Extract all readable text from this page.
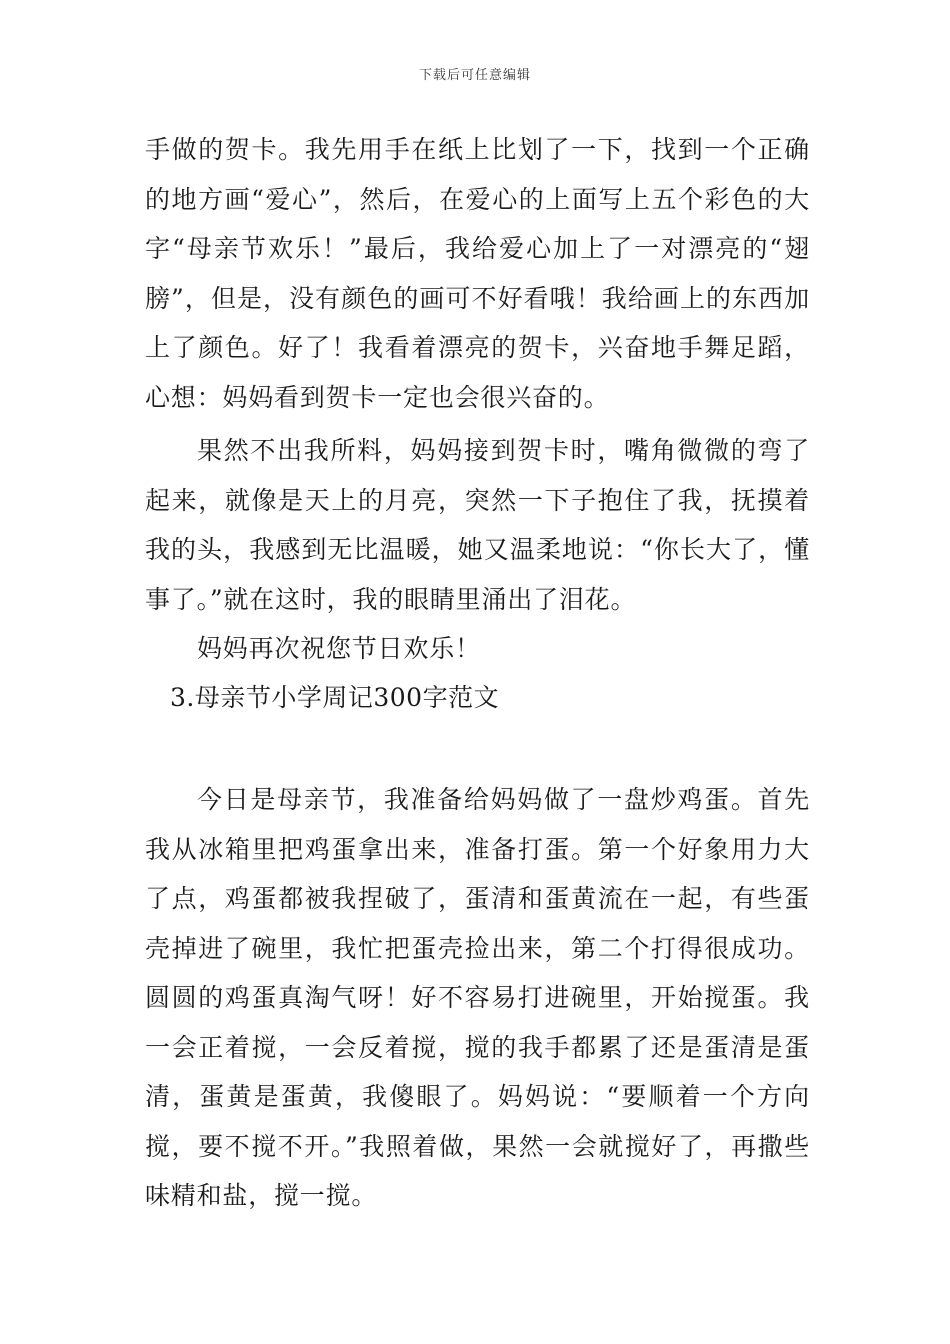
下载后可任意编辑

手做的贺卡。我先用手在纸上比划了一下，找到一个正确的地方画“爱心”，然后，在爱心的上面写上五个彩色的大字“母亲节欢乐！”最后，我给爱心加上了一对漂亮的“翅膀”，但是，没有颜色的画可不好看哦！我给画上的东西加上了颜色。好了！我看着漂亮的贺卡，兴奋地手舞足蹈，心想：妈妈看到贺卡一定也会很兴奋的。

果然不出我所料，妈妈接到贺卡时，嘴角微微的弯了起来，就像是天上的月亮，突然一下子抱住了我，抚摸着我的头，我感到无比温暖，她又温柔地说：“你长大了，懂事了。”就在这时，我的眼睛里涌出了泪花。

妈妈再次祝您节日欢乐！

3.母亲节小学周记300字范文

今日是母亲节，我准备给妈妈做了一盘炒鸡蛋。首先我从冰箱里把鸡蛋拿出来，准备打蛋。第一个好象用力大了点，鸡蛋都被我捏破了，蛋清和蛋黄流在一起，有些蛋壳掉进了碗里，我忙把蛋壳捡出来，第二个打得很成功。圆圆的鸡蛋真淘气呀！好不容易打进碗里，开始搅蛋。我一会正着搅，一会反着搅，搅的我手都累了还是蛋清是蛋清，蛋黄是蛋黄，我傻眼了。妈妈说：“要顺着一个方向搅，要不搅不开。”我照着做，果然一会就搅好了，再撒些味精和盐，搅一搅。
